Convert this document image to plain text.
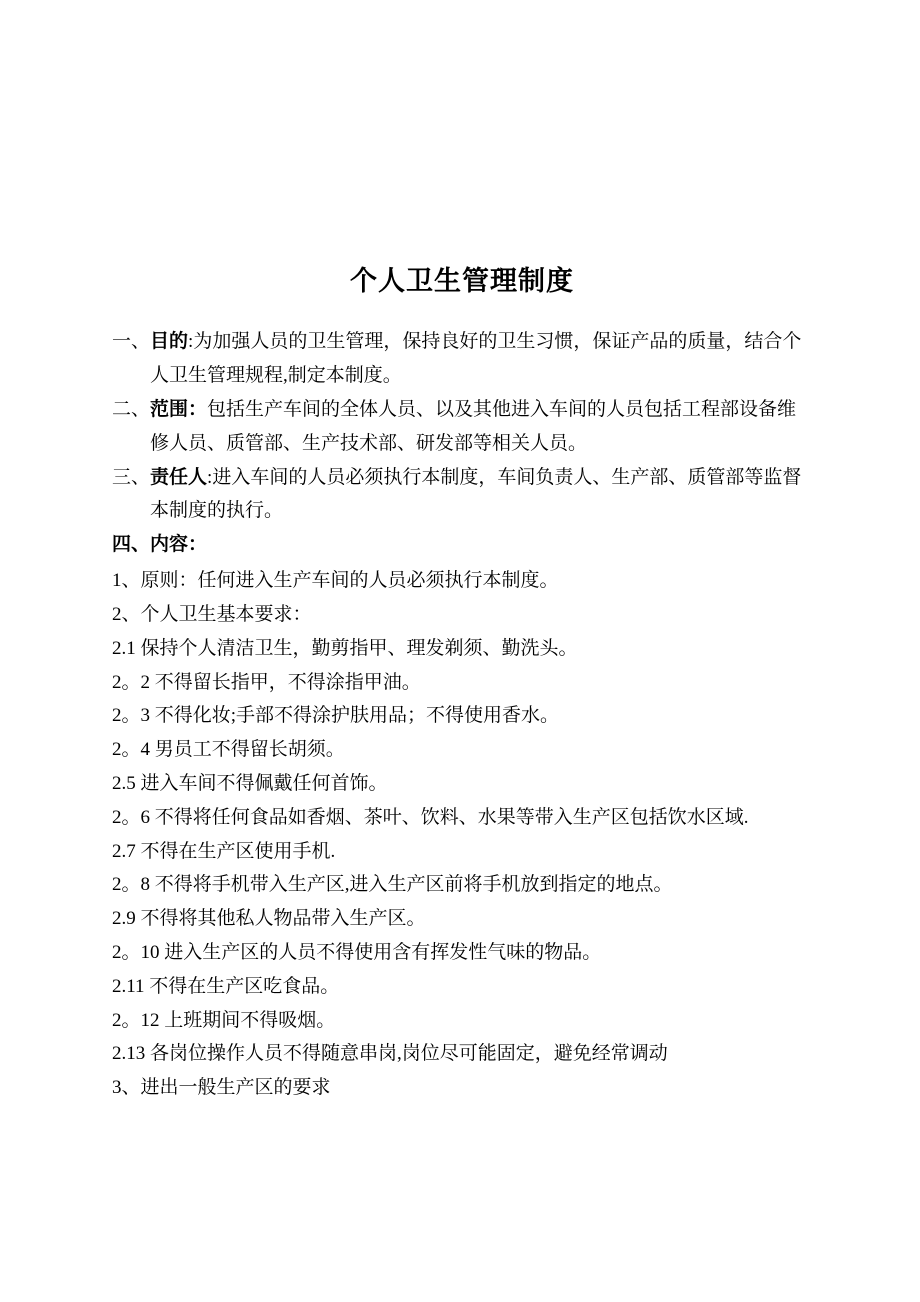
个人卫生管理制度

一、目的:为加强人员的卫生管理，保持良好的卫生习惯，保证产品的质量，结合个人卫生管理规程,制定本制度。

二、范围：包括生产车间的全体人员、以及其他进入车间的人员包括工程部设备维修人员、质管部、生产技术部、研发部等相关人员。

三、责任人:进入车间的人员必须执行本制度，车间负责人、生产部、质管部等监督本制度的执行。

四、内容：

1、原则：任何进入生产车间的人员必须执行本制度。

2、个人卫生基本要求：

2.1 保持个人清洁卫生，勤剪指甲、理发剃须、勤洗头。

2。2 不得留长指甲，不得涂指甲油。

2。3 不得化妆;手部不得涂护肤用品；不得使用香水。

2。4 男员工不得留长胡须。

2.5 进入车间不得佩戴任何首饰。

2。6 不得将任何食品如香烟、茶叶、饮料、水果等带入生产区包括饮水区域.

2.7 不得在生产区使用手机.

2。8 不得将手机带入生产区,进入生产区前将手机放到指定的地点。

2.9 不得将其他私人物品带入生产区。

2。10 进入生产区的人员不得使用含有挥发性气味的物品。

2.11 不得在生产区吃食品。

2。12 上班期间不得吸烟。

2.13 各岗位操作人员不得随意串岗,岗位尽可能固定，避免经常调动

3、进出一般生产区的要求
